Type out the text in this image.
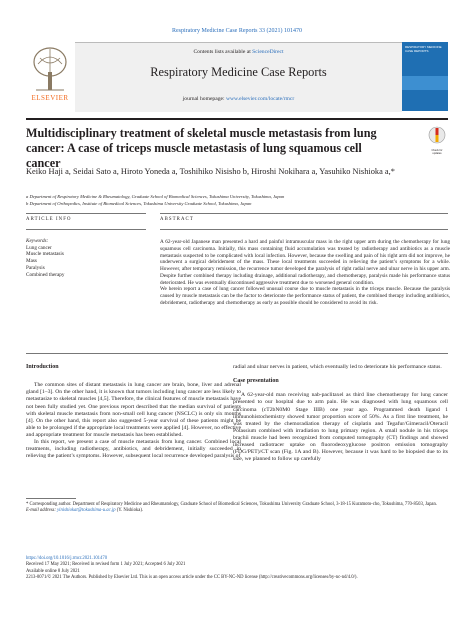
Respiratory Medicine Case Reports 33 (2021) 101470
ELSEVIER
Contents lists available at ScienceDirect
Respiratory Medicine Case Reports
journal homepage: www.elsevier.com/locate/rmcr
RESPIRATORY MEDICINE CASE REPORTS
Multidisciplinary treatment of skeletal muscle metastasis from lung cancer: A case of triceps muscle metastasis of lung squamous cell cancer
Check for updates
Keiko Haji a, Seidai Sato a, Hiroto Yoneda a, Toshihiko Nisisho b, Hiroshi Nokihara a, Yasuhiko Nishioka a,*
a Department of Respiratory Medicine & Rheumatology, Graduate School of Biomedical Sciences, Tokushima University, Tokushima, Japan
b Department of Orthopedics, Institute of Biomedical Sciences, Tokushima University Graduate School, Tokushima, Japan
ARTICLE INFO	ABSTRACT
Keywords:
Lung cancer
Muscle metastasis
Mass
Paralysis
Combined therapy

A 62-year-old Japanese man presented a hard and painful intramuscular mass in the right upper arm during the chemotherapy for lung squamous cell carcinoma. Initially, this mass containing fluid accumulation was treated by radiotherapy and antibiotics as a muscle metastasis suspected to be complicated with local infection. However, because the swelling and pain of his right arm did not improve, he underwent a surgical debridement of the mass. These local treatments succeeded in relieving the patient’s symptoms for a while. However, after temporary remission, the recurrence tumor developed the paralysis of right radial nerve and ulnar nerve in his upper arm. Despite further combined therapy including drainage, additional radiotherapy, and chemotherapy, paralysis made his performance status deteriorated. He was eventually discontinued aggressive treatment due to worsened general condition.

We herein report a case of lung cancer followed unusual course due to muscle metastasis in the triceps muscle. Because the paralysis caused by muscle metastasis can be the factor to deteriorate the performance status of patient, the combined therapy including antibiotics, debridement, radiotherapy and chemotherapy as early as possible should be considered to avoid its risk.

Introduction

The common sites of distant metastasis in lung cancer are brain, bone, liver and adrenal gland [1–3]. On the other hand, it is known that tumors including lung cancer are less likely to metastasize to skeletal muscles [4,5]. Therefore, the clinical features of muscle metastasis have not been fully studied yet. One previous report described that the median survival of patients with skeletal muscle metastasis from non-small cell lung cancer (NSCLC) is only six months [4]. On the other hand, this report also suggested 5-year survival of these patients might be able to be prolonged if the appropriate local treatments were applied [4]. However, no effective and appropriate treatment for muscle metastasis has been established.

In this report, we present a case of muscle metastasis from lung cancer. Combined local treatments, including radiotherapy, antibiotics, and debridement, initially succeeded in relieving the patient’s symptoms. However, subsequent local recurrence developed paralysis of

radial and ulnar nerves in patient, which eventually led to deteriorate his performance status.

Case presentation

A 62-year-old man receiving nab-paclitaxel as third line chemotherapy for lung cancer presented to our hospital due to arm pain. He was diagnosed with lung squamous cell carcinoma (cT2bN0M0 Stage IIIB) one year ago. Programmed death ligand 1 immunohistochemistry showed tumor proportion score of 50%. As a first line treatment, he was treated by the chemoradiation therapy of cisplatin and Tegafur/Gimeracil/Oteracil Potassium combined with irradiation to lung primary region. A small nodule in his triceps brachii muscle had been recognized from computed tomography (CT) findings and showed increased radiotracer uptake on fluorodeoxyglucose positron emission tomography (FDG/PET)/CT scan (Fig. 1A and B). However, because it was hard to be biopsied due to its size, we planned to follow up carefully

* Corresponding author. Department of Respiratory Medicine and Rheumatology, Graduate School of Biomedical Sciences, Tokushima University Graduate School, 3-18-15 Kuramoto-cho, Tokushima, 770-8503, Japan.
E-mail address: yinishiokat@tokushima-u.ac.jp (Y. Nishioka).
https://doi.org/10.1016/j.rmcr.2021.101470
Received 17 May 2021; Received in revised form 1 July 2021; Accepted 6 July 2021
Available online 8 July 2021
2213-0071/© 2021 The Authors. Published by Elsevier Ltd. This is an open access article under the CC BY-NC-ND license (http://creativecommons.org/licenses/by-nc-nd/4.0/).
